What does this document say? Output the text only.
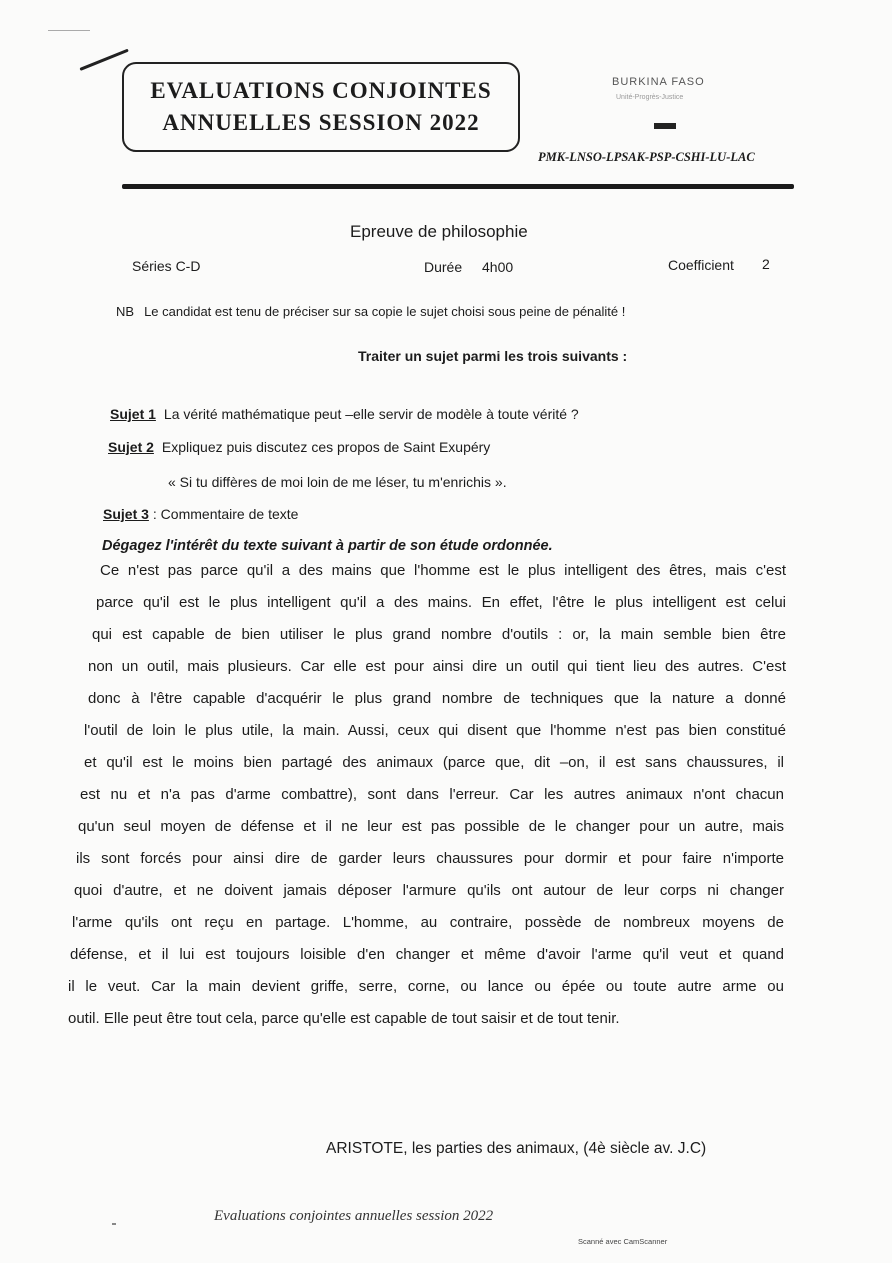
EVALUATIONS CONJOINTES
ANNUELLES SESSION 2022
BURKINA FASO
Unité-Progrès-Justice
PMK-LNSO-LPSAK-PSP-CSHI-LU-LAC
Epreuve de philosophie
Séries C-D	Durée 4h00	Coefficient 2
NB Le candidat est tenu de préciser sur sa copie le sujet choisi sous peine de pénalité !
Traiter un sujet parmi les trois suivants :
Sujet 1 La vérité mathématique peut –elle servir de modèle à toute vérité ?
Sujet 2 Expliquez puis discutez ces propos de Saint Exupéry
« Si tu diffères de moi loin de me léser, tu m'enrichis ».
Sujet 3 : Commentaire de texte
Dégagez l'intérêt du texte suivant à partir de son étude ordonnée.
Ce n'est pas parce qu'il a des mains que l'homme est le plus intelligent des êtres, mais c'est
parce qu'il est le plus intelligent qu'il a des mains. En effet, l'être le plus intelligent est celui
qui est capable de bien utiliser le plus grand nombre d'outils : or, la main semble bien être
non un outil, mais plusieurs. Car elle est pour ainsi dire un outil qui tient lieu des autres. C'est
donc à l'être capable d'acquérir le plus grand nombre de techniques que la nature a donné
l'outil de loin le plus utile, la main. Aussi, ceux qui disent que l'homme n'est pas bien constitué
et qu'il est le moins bien partagé des animaux (parce que, dit –on, il est sans chaussures, il
est nu et n'a pas d'arme combattre), sont dans l'erreur. Car les autres animaux n'ont chacun
qu'un seul moyen de défense et il ne leur est pas possible de le changer pour un autre, mais
ils sont forcés pour ainsi dire de garder leurs chaussures pour dormir et pour faire n'importe
quoi d'autre, et ne doivent jamais déposer l'armure qu'ils ont autour de leur corps ni changer
l'arme qu'ils ont reçu en partage. L'homme, au contraire, possède de nombreux moyens de
défense, et il lui est toujours loisible d'en changer et même d'avoir l'arme qu'il veut et quand
il le veut. Car la main devient griffe, serre, corne, ou lance ou épée ou toute autre arme ou
outil. Elle peut être tout cela, parce qu'elle est capable de tout saisir et de tout tenir.
ARISTOTE, les parties des animaux, (4è siècle av. J.C)
Evaluations conjointes annuelles session 2022
Scanné avec CamScanner
